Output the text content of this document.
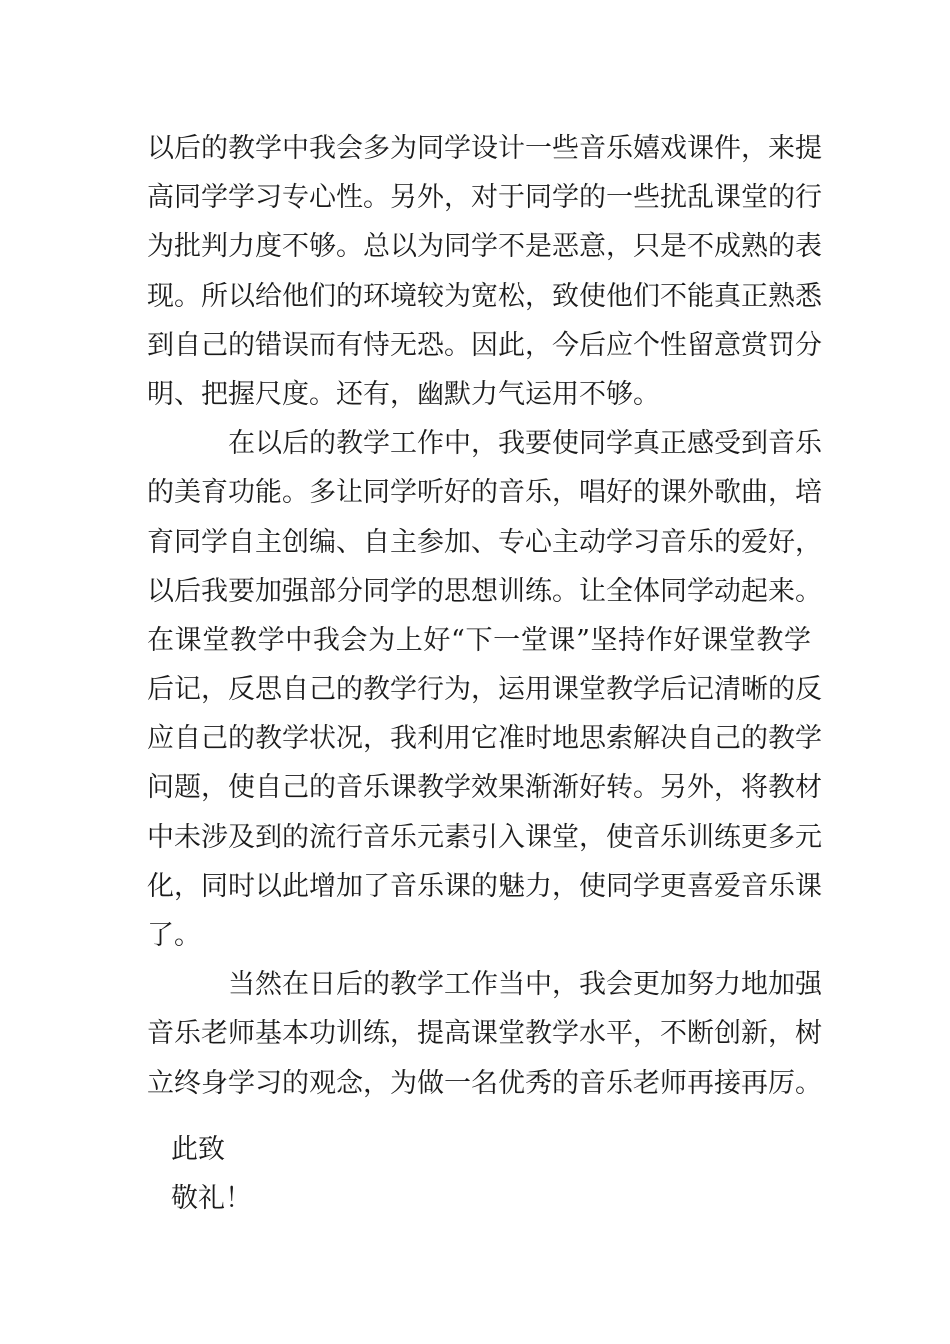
以后的教学中我会多为同学设计一些音乐嬉戏课件，来提
高同学学习专心性。另外，对于同学的一些扰乱课堂的行
为批判力度不够。总以为同学不是恶意，只是不成熟的表
现。所以给他们的环境较为宽松，致使他们不能真正熟悉
到自己的错误而有恃无恐。因此，今后应个性留意赏罚分
明、把握尺度。还有，幽默力气运用不够。
　　　在以后的教学工作中，我要使同学真正感受到音乐
的美育功能。多让同学听好的音乐，唱好的课外歌曲，培
育同学自主创编、自主参加、专心主动学习音乐的爱好，
以后我要加强部分同学的思想训练。让全体同学动起来。
在课堂教学中我会为上好“下一堂课”坚持作好课堂教学
后记，反思自己的教学行为，运用课堂教学后记清晰的反
应自己的教学状况，我利用它准时地思索解决自己的教学
问题，使自己的音乐课教学效果渐渐好转。另外，将教材
中未涉及到的流行音乐元素引入课堂，使音乐训练更多元
化，同时以此增加了音乐课的魅力，使同学更喜爱音乐课
了。
　　　当然在日后的教学工作当中，我会更加努力地加强
音乐老师基本功训练，提高课堂教学水平，不断创新，树
立终身学习的观念，为做一名优秀的音乐老师再接再厉。
此致
敬礼！
